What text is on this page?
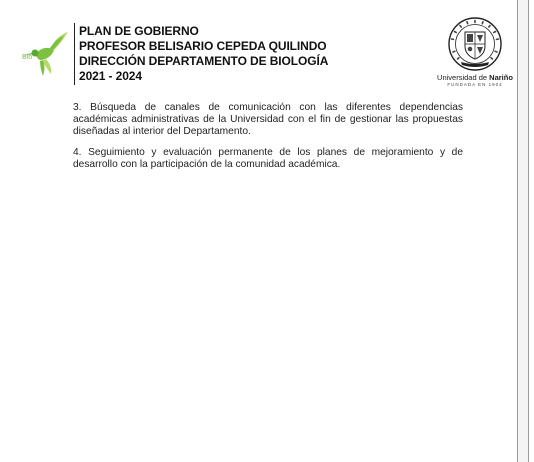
Bio
PLAN DE GOBIERNO
PROFESOR BELISARIO CEPEDA QUILINDO
DIRECCIÓN DEPARTAMENTO DE BIOLOGÍA
2021 - 2024	Universidad de Nariño
FUNDADA EN 1904

3. Búsqueda de canales de comunicación con las diferentes dependencias académicas administrativas de la Universidad con el fin de gestionar las propuestas diseñadas al interior del Departamento.

4. Seguimiento y evaluación permanente de los planes de mejoramiento y de desarrollo con la participación de la comunidad académica.
